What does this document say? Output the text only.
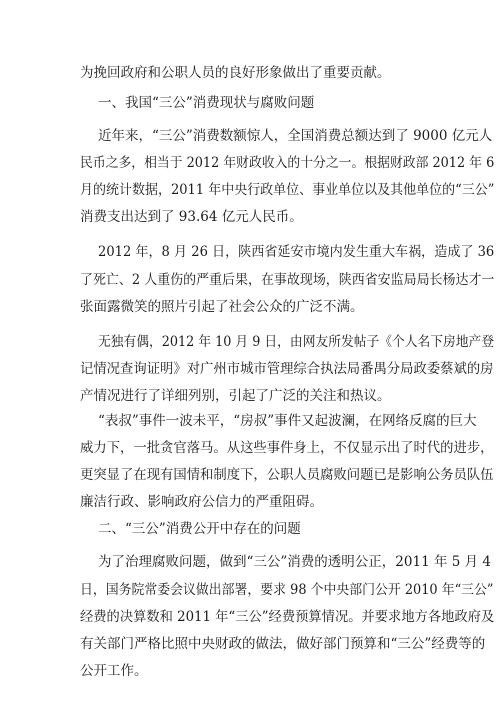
为挽回政府和公职人员的良好形象做出了重要贡献。
一、我国“三公”消费现状与腐败问题
近年来，“三公”消费数额惊人，全国消费总额达到了 9000 亿元人
民币之多，相当于 2012 年财政收入的十分之一。根据财政部 2012 年 6
月的统计数据，2011 年中央行政单位、事业单位以及其他单位的“三公”
消费支出达到了 93.64 亿元人民币。
2012 年，8 月 26 日，陕西省延安市境内发生重大车祸，造成了 36
了死亡、2 人重伤的严重后果，在事故现场，陕西省安监局局长杨达才一
张面露微笑的照片引起了社会公众的广泛不满。
无独有偶，2012 年 10 月 9 日，由网友所发帖子《个人名下房地产登
记情况查询证明》对广州市城市管理综合执法局番禺分局政委蔡斌的房
产情况进行了详细列别，引起了广泛的关注和热议。
“表叔”事件一波未平，“房叔”事件又起波澜，在网络反腐的巨大
威力下，一批贪官落马。从这些事件身上，不仅显示出了时代的进步，
更突显了在现有国情和制度下，公职人员腐败问题已是影响公务员队伍
廉洁行政、影响政府公信力的严重阻碍。
二、“三公”消费公开中存在的问题
为了治理腐败问题，做到“三公”消费的透明公正，2011 年 5 月 4
日，国务院常委会议做出部署，要求 98 个中央部门公开 2010 年“三公”
经费的决算数和 2011 年“三公”经费预算情况。并要求地方各地政府及
有关部门严格比照中央财政的做法，做好部门预算和“三公”经费等的
公开工作。
